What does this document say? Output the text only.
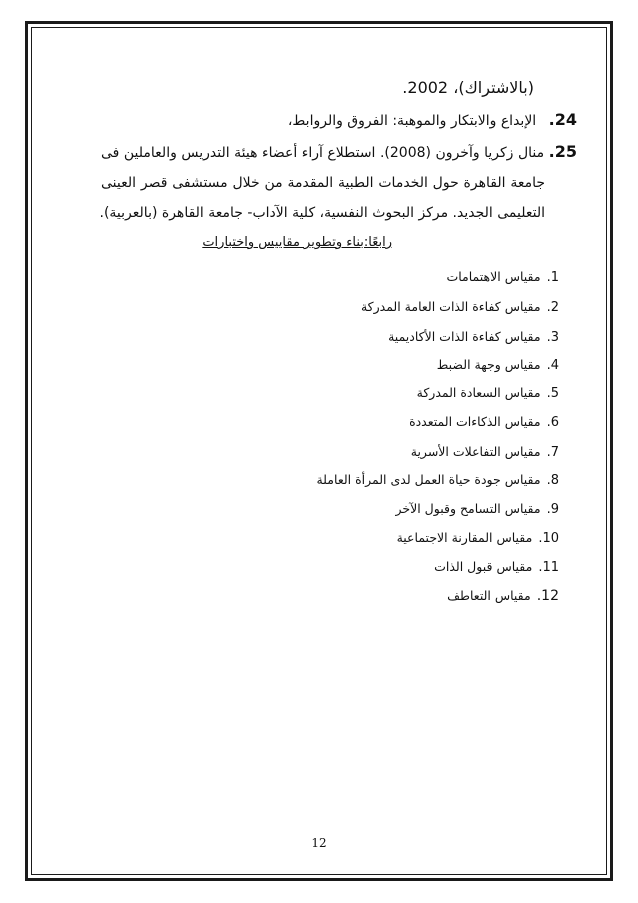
(بالاشتراك)، 2002.
24. الإبداع والابتكار والموهبة: الفروق والروابط،
25. منال زكريا وآخرون (2008). استطلاع آراء أعضاء هيئة التدريس والعاملين فى
جامعة القاهرة حول الخدمات الطبية المقدمة من خلال مستشفى قصر العينى
التعليمى الجديد. مركز البحوث النفسية، كلية الآداب- جامعة القاهرة (بالعربية).
رابعًا:بناء وتطوير مقاييس واختبارات
1.مقياس الاهتمامات
2.مقياس كفاءة الذات العامة المدركة
3.مقياس كفاءة الذات الأكاديمية
4.مقياس وجهة الضبط
5.مقياس السعادة المدركة
6.مقياس الذكاءات المتعددة
7.مقياس التفاعلات الأسرية
8.مقياس جودة حياة العمل لدى المرأة العاملة
9.مقياس التسامح وقبول الآخر
10.مقياس المقارنة الاجتماعية
11.مقياس قبول الذات
12.مقياس التعاطف
12
